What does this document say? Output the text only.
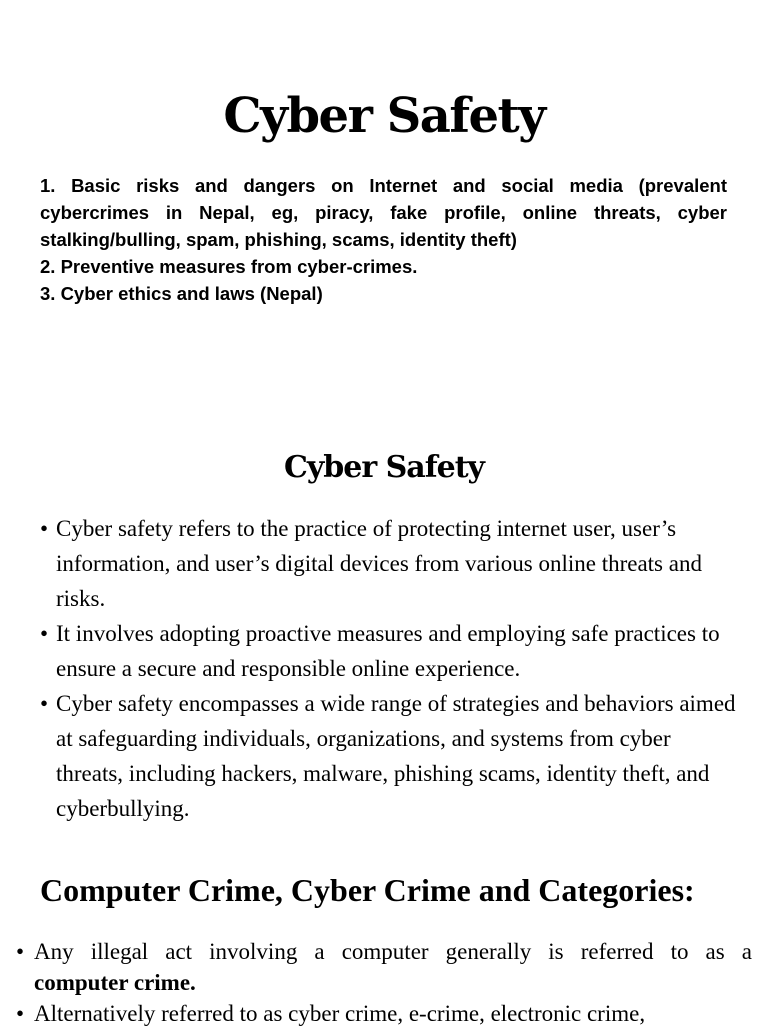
Cyber Safety

1. Basic risks and dangers on Internet and social media (prevalent cybercrimes in Nepal, eg, piracy, fake profile, online threats, cyber stalking/bulling, spam, phishing, scams, identity theft)

2. Preventive measures from cyber-crimes.

3. Cyber ethics and laws (Nepal)

Cyber Safety
• Cyber safety refers to the practice of protecting internet user, user’s information, and user’s digital devices from various online threats and risks.
• It involves adopting proactive measures and employing safe practices to ensure a secure and responsible online experience.
• Cyber safety encompasses a wide range of strategies and behaviors aimed at safeguarding individuals, organizations, and systems from cyber threats, including hackers, malware, phishing scams, identity theft, and cyberbullying.
Computer Crime, Cyber Crime and Categories:
• Any illegal act involving a computer generally is referred to as a
computer crime.
• Alternatively referred to as cyber crime, e-crime, electronic crime,
